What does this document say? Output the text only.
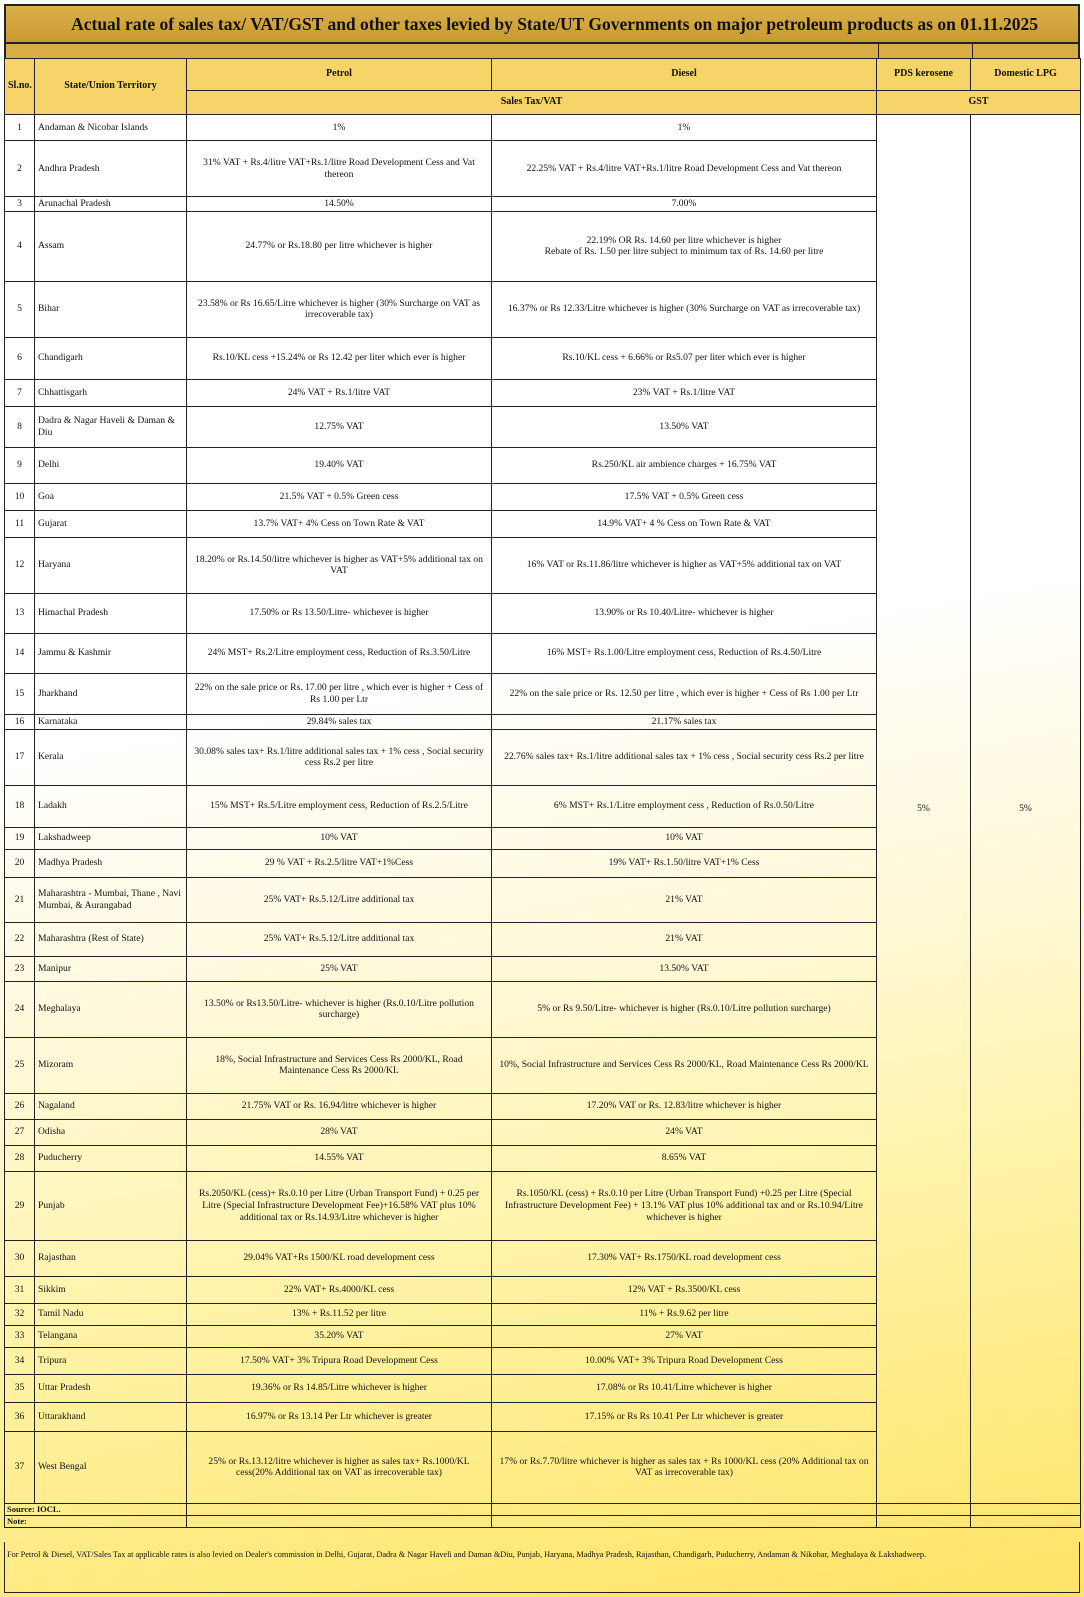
Actual rate of sales tax/ VAT/GST and other taxes levied by State/UT Governments on major petroleum products as on 01.11.2025
Sl.no.	State/Union Territory	Petrol	Diesel	PDS kerosene	Domestic LPG
		Sales Tax/VAT		GST	
1	Andaman & Nicobar Islands	1%	1%	5%	5%
2	Andhra Pradesh	31% VAT + Rs.4/litre VAT+Rs.1/litre Road Development Cess and Vat thereon	22.25% VAT + Rs.4/litre VAT+Rs.1/litre Road Development Cess and Vat thereon		
3	Arunachal Pradesh	14.50%	7.00%		
4	Assam	24.77% or Rs.18.80 per litre whichever is higher	22.19% OR Rs. 14.60 per litre whichever is higher
Rebate of Rs. 1.50 per litre subject to minimum tax of Rs. 14.60 per litre		
5	Bihar	23.58% or Rs 16.65/Litre whichever is higher (30% Surcharge on VAT as irrecoverable tax)	16.37% or Rs 12.33/Litre whichever is higher (30% Surcharge on VAT as irrecoverable tax)		
6	Chandigarh	Rs.10/KL cess +15.24% or Rs 12.42 per liter which ever is higher	Rs.10/KL cess + 6.66% or Rs5.07 per liter which ever is higher		
7	Chhattisgarh	24% VAT + Rs.1/litre VAT	23% VAT + Rs.1/litre VAT		
8	Dadra & Nagar Haveli & Daman & Diu	12.75% VAT	13.50% VAT		
9	Delhi	19.40% VAT	Rs.250/KL air ambience charges + 16.75% VAT		
10	Goa	21.5% VAT + 0.5% Green cess	17.5% VAT + 0.5% Green cess		
11	Gujarat	13.7% VAT+ 4% Cess on Town Rate & VAT	14.9% VAT+ 4 % Cess on Town Rate & VAT		
12	Haryana	18.20% or Rs.14.50/litre whichever is higher as VAT+5% additional tax on VAT	16% VAT or Rs.11.86/litre whichever is higher as VAT+5% additional tax on VAT		
13	Himachal Pradesh	17.50% or Rs 13.50/Litre- whichever is higher	13.90% or Rs 10.40/Litre- whichever is higher		
14	Jammu & Kashmir	24% MST+ Rs.2/Litre employment cess, Reduction of Rs.3.50/Litre	16% MST+ Rs.1.00/Litre employment cess, Reduction of Rs.4.50/Litre		
15	Jharkhand	22% on the sale price or Rs. 17.00 per litre , which ever is higher + Cess of Rs 1.00 per Ltr	22% on the sale price or Rs. 12.50 per litre , which ever is higher + Cess of Rs 1.00 per Ltr		
16	Karnataka	29.84% sales tax	21.17% sales tax		
17	Kerala	30.08% sales tax+ Rs.1/litre additional sales tax + 1% cess , Social security cess Rs.2 per litre	22.76% sales tax+ Rs.1/litre additional sales tax + 1% cess , Social security cess Rs.2 per litre		
18	Ladakh	15% MST+ Rs.5/Litre employment cess, Reduction of Rs.2.5/Litre	6% MST+ Rs.1/Litre employment cess , Reduction of Rs.0.50/Litre		
19	Lakshadweep	10% VAT	10% VAT		
20	Madhya Pradesh	29 % VAT + Rs.2.5/litre VAT+1%Cess	19% VAT+ Rs.1.50/litre VAT+1% Cess		
21	Maharashtra - Mumbai, Thane , Navi Mumbai, & Aurangabad	25% VAT+ Rs.5.12/Litre additional tax	21% VAT		
22	Maharashtra (Rest of State)	25% VAT+ Rs.5.12/Litre additional tax	21% VAT		
23	Manipur	25% VAT	13.50% VAT		
24	Meghalaya	13.50% or Rs13.50/Litre- whichever is higher (Rs.0.10/Litre pollution surcharge)	5% or Rs 9.50/Litre- whichever is higher (Rs.0.10/Litre pollution surcharge)		
25	Mizoram	18%, Social Infrastructure and Services Cess Rs 2000/KL, Road Maintenance Cess Rs 2000/KL	10%, Social Infrastructure and Services Cess Rs 2000/KL, Road Maintenance Cess Rs 2000/KL		
26	Nagaland	21.75% VAT or Rs. 16.94/litre whichever is higher	17.20% VAT or Rs. 12.83/litre whichever is higher		
27	Odisha	28% VAT	24% VAT		
28	Puducherry	14.55% VAT	8.65% VAT		
29	Punjab	Rs.2050/KL (cess)+ Rs.0.10 per Litre (Urban Transport Fund) + 0.25 per Litre (Special Infrastructure Development Fee)+16.58% VAT plus 10% additional tax or Rs.14.93/Litre whichever is higher	Rs.1050/KL (cess) + Rs.0.10 per Litre (Urban Transport Fund) +0.25 per Litre (Special Infrastructure Development Fee) + 13.1% VAT plus 10% additional tax and or Rs.10.94/Litre whichever is higher		
30	Rajasthan	29.04% VAT+Rs 1500/KL road development cess	17.30% VAT+ Rs.1750/KL road development cess		
31	Sikkim	22% VAT+ Rs.4000/KL cess	12% VAT + Rs.3500/KL cess		
32	Tamil Nadu	13% + Rs.11.52 per litre	11% + Rs.9.62 per litre		
33	Telangana	35.20% VAT	27% VAT		
34	Tripura	17.50% VAT+ 3% Tripura Road Development Cess	10.00% VAT+ 3% Tripura Road Development Cess		
35	Uttar Pradesh	19.36% or Rs 14.85/Litre whichever is higher	17.08% or Rs 10.41/Litre whichever is higher		
36	Uttarakhand	16.97% or Rs 13.14 Per Ltr whichever is greater	17.15% or Rs Rs 10.41 Per Ltr whichever is greater		
37	West Bengal	25% or Rs.13.12/litre whichever is higher as sales tax+ Rs.1000/KL cess(20% Additional tax on VAT as irrecoverable tax)	17% or Rs.7.70/litre whichever is higher as sales tax + Rs 1000/KL cess (20% Additional tax on VAT as irrecoverable tax)		
Source: IOCL.					
Note:					
For Petrol & Diesel, VAT/Sales Tax at applicable rates is also levied on Dealer's commission in Delhi, Gujarat, Dadra & Nagar Haveli and Daman &Diu, Punjab, Haryana, Madhya Pradesh, Rajasthan, Chandigarh, Puducherry, Andaman & Nikobar, Meghalaya & Lakshadweep.
